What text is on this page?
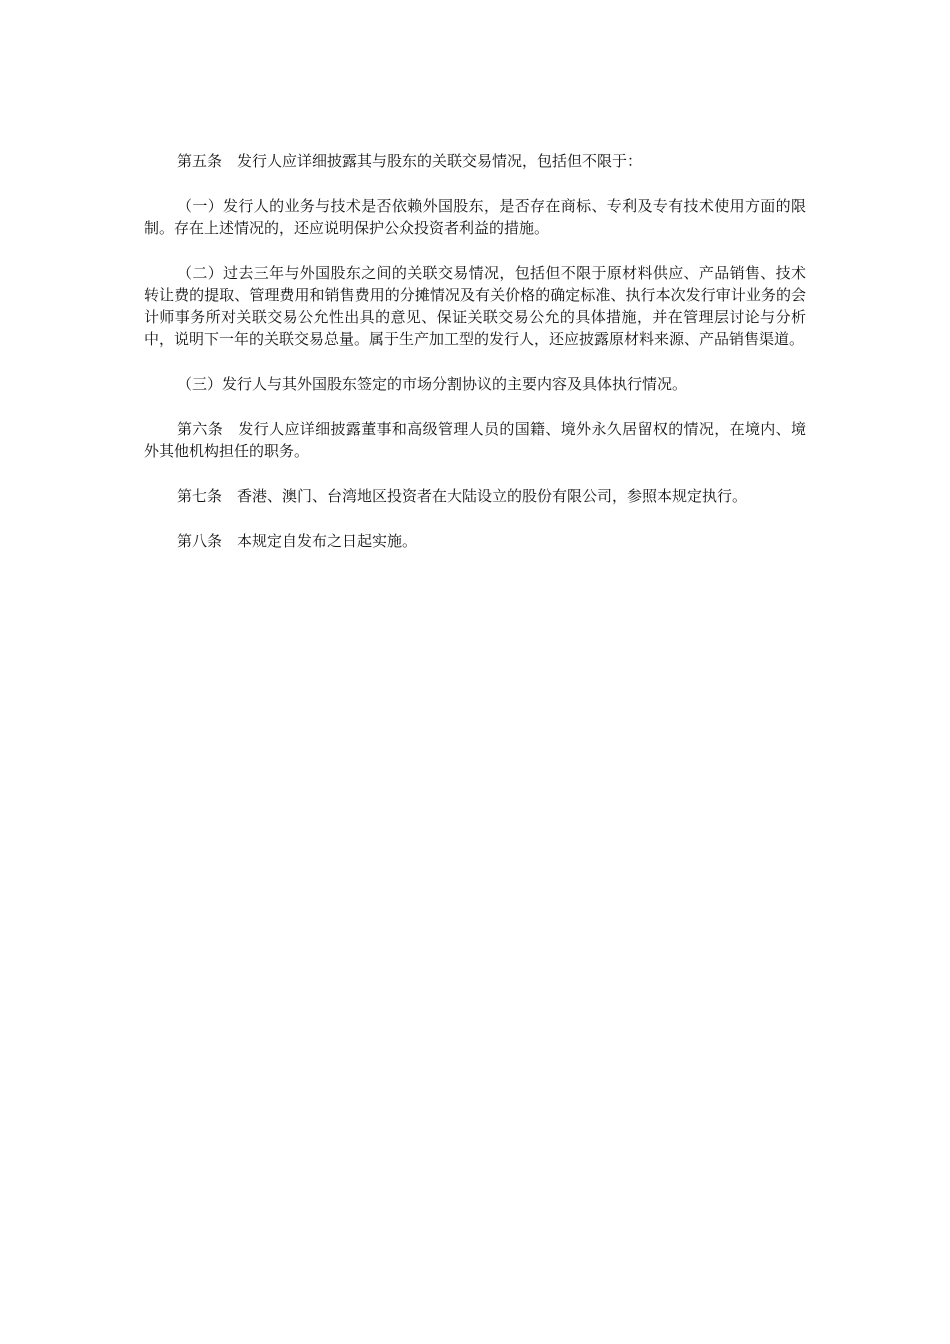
第五条　发行人应详细披露其与股东的关联交易情况，包括但不限于：

（一）发行人的业务与技术是否依赖外国股东，是否存在商标、专利及专有技术使用方面的限制。存在上述情况的，还应说明保护公众投资者利益的措施。

（二）过去三年与外国股东之间的关联交易情况，包括但不限于原材料供应、产品销售、技术转让费的提取、管理费用和销售费用的分摊情况及有关价格的确定标准、执行本次发行审计业务的会计师事务所对关联交易公允性出具的意见、保证关联交易公允的具体措施，并在管理层讨论与分析中，说明下一年的关联交易总量。属于生产加工型的发行人，还应披露原材料来源、产品销售渠道。

（三）发行人与其外国股东签定的市场分割协议的主要内容及具体执行情况。

第六条　发行人应详细披露董事和高级管理人员的国籍、境外永久居留权的情况，在境内、境外其他机构担任的职务。

第七条　香港、澳门、台湾地区投资者在大陆设立的股份有限公司，参照本规定执行。

第八条　本规定自发布之日起实施。
